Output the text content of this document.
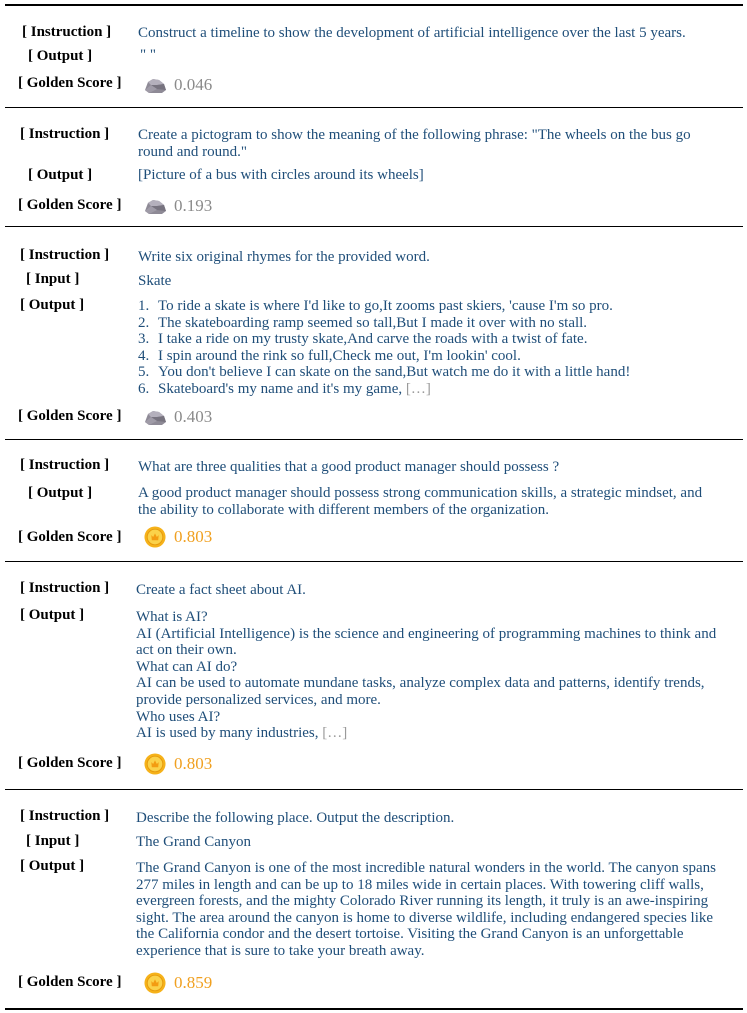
[ Instruction ] Construct a timeline to show the development of artificial intelligence over the last 5 years.
[ Output ]	" "
[ Golden Score ]	0.046
[ Instruction ] Create a pictogram to show the meaning of the following phrase: "The wheels on the bus go round and round."
[ Output ]	[Picture of a bus with circles around its wheels]
[ Golden Score ]	0.193
[ Instruction ] Write six original rhymes for the provided word.
[ Input ]	Skate
[ Output ]	1. To ride a skate is where I'd like to go,It zooms past skiers, 'cause I'm so pro.
2. The skateboarding ramp seemed so tall,But I made it over with no stall.
3. I take a ride on my trusty skate,And carve the roads with a twist of fate.
4. I spin around the rink so full,Check me out, I'm lookin' cool.
5. You don't believe I can skate on the sand,But watch me do it with a little hand!
6. Skateboard's my name and it's my game, […]
[ Golden Score ]	0.403
[ Instruction ] What are three qualities that a good product manager should possess ?
[ Output ]	A good product manager should possess strong communication skills, a strategic mindset, and the ability to collaborate with different members of the organization.
[ Golden Score ]	0.803
[ Instruction ] Create a fact sheet about AI.
[ Output ]	What is AI?
AI (Artificial Intelligence) is the science and engineering of programming machines to think and act on their own.
What can AI do?
AI can be used to automate mundane tasks, analyze complex data and patterns, identify trends, provide personalized services, and more.
Who uses AI?
AI is used by many industries, […]
[ Golden Score ]	0.803
[ Instruction ] Describe the following place. Output the description.
[ Input ]	The Grand Canyon
[ Output ]	The Grand Canyon is one of the most incredible natural wonders in the world. The canyon spans 277 miles in length and can be up to 18 miles wide in certain places. With towering cliff walls, evergreen forests, and the mighty Colorado River running its length, it truly is an awe-inspiring sight. The area around the canyon is home to diverse wildlife, including endangered species like the California condor and the desert tortoise. Visiting the Grand Canyon is an unforgettable experience that is sure to take your breath away.
[ Golden Score ]	0.859
